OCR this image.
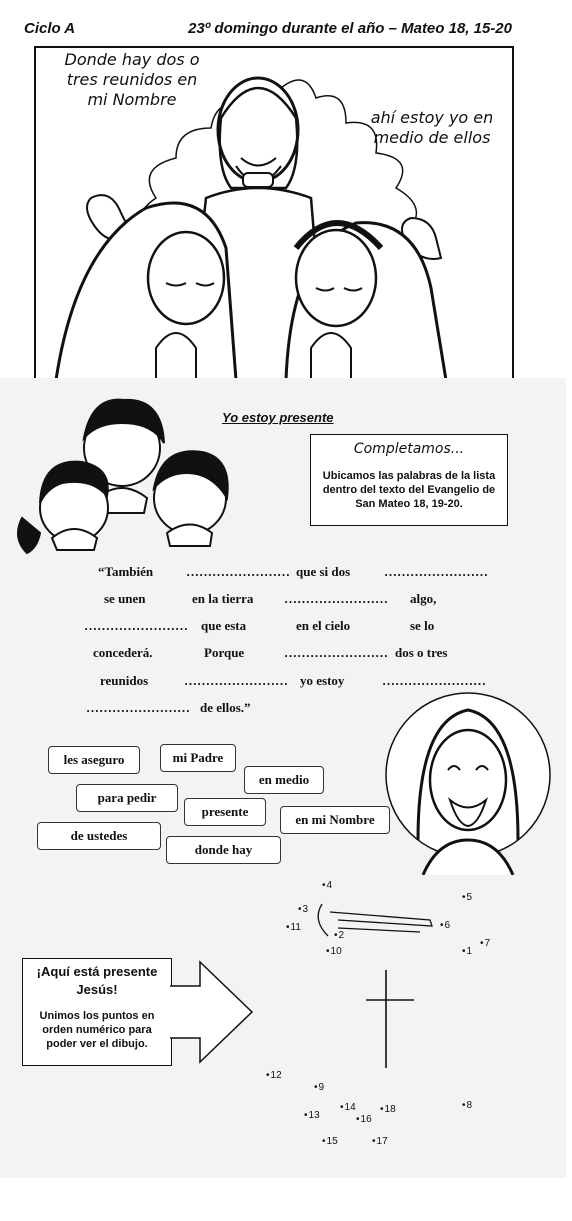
Ciclo A	23º domingo durante el año – Mateo 18, 15-20
Donde hay dos o tres reunidos en mi Nombre
ahí estoy yo en medio de ellos
Yo estoy presente
Completamos...
Ubicamos las palabras de la lista dentro del texto del Evangelio de San Mateo 18, 19-20.
“También	…………………… que si dos	……………………
se unen	en la tierra …………………… algo,
…………………… que esta	en el cielo	se lo
concederá.	Porque	…………………… dos o tres
reunidos	…………………… yo estoy	……………………
…………………… de ellos.”
les aseguro	mi Padre
en medio
para pedir
presente
en mi Nombre
de ustedes
donde hay
• 4
• 3
• 11
• 2
• 10
• 5
• 6
• 1
• 7
¡Aquí está presente Jesús!
Unimos los puntos en orden numérico para poder ver el dibujo.
• 12
• 9
• 13
• 14
• 16
• 18	• 8
• 15	• 17
